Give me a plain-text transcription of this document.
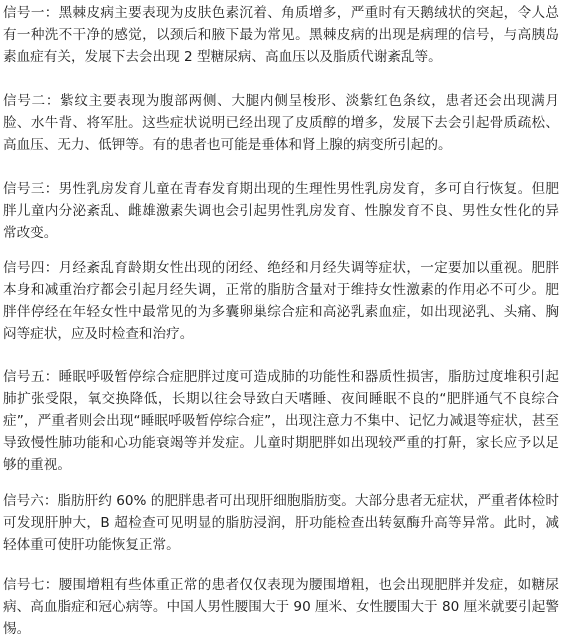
信号一：黑棘皮病主要表现为皮肤色素沉着、角质增多，严重时有天鹅绒状的突起，令人总有一种洗不干净的感觉，以颈后和腋下最为常见。黑棘皮病的出现是病理的信号，与高胰岛素血症有关，发展下去会出现 2 型糖尿病、高血压以及脂质代谢紊乱等。

信号二：紫纹主要表现为腹部两侧、大腿内侧呈梭形、淡紫红色条纹，患者还会出现满月脸、水牛背、将军肚。这些症状说明已经出现了皮质醇的增多，发展下去会引起骨质疏松、高血压、无力、低钾等。有的患者也可能是垂体和肾上腺的病变所引起的。

信号三：男性乳房发育儿童在青春发育期出现的生理性男性乳房发育，多可自行恢复。但肥胖儿童内分泌紊乱、雌雄激素失调也会引起男性乳房发育、性腺发育不良、男性女性化的异常改变。

信号四：月经紊乱育龄期女性出现的闭经、绝经和月经失调等症状，一定要加以重视。肥胖本身和减重治疗都会引起月经失调，正常的脂肪含量对于维持女性激素的作用必不可少。肥胖伴停经在年轻女性中最常见的为多囊卵巢综合症和高泌乳素血症，如出现泌乳、头痛、胸闷等症状，应及时检查和治疗。

信号五：睡眠呼吸暂停综合症肥胖过度可造成肺的功能性和器质性损害，脂肪过度堆积引起肺扩张受限，氧交换降低，长期以往会导致白天嗜睡、夜间睡眠不良的“肥胖通气不良综合症”，严重者则会出现“睡眠呼吸暂停综合症”，出现注意力不集中、记忆力减退等症状，甚至导致慢性肺功能和心功能衰竭等并发症。儿童时期肥胖如出现较严重的打鼾，家长应予以足够的重视。

信号六：脂肪肝约 60% 的肥胖患者可出现肝细胞脂肪变。大部分患者无症状，严重者体检时可发现肝肿大，B 超检查可见明显的脂肪浸润，肝功能检查出转氨酶升高等异常。此时，减轻体重可使肝功能恢复正常。

信号七：腰围增粗有些体重正常的患者仅仅表现为腰围增粗，也会出现肥胖并发症，如糖尿病、高血脂症和冠心病等。中国人男性腰围大于 90 厘米、女性腰围大于 80 厘米就要引起警惕。
